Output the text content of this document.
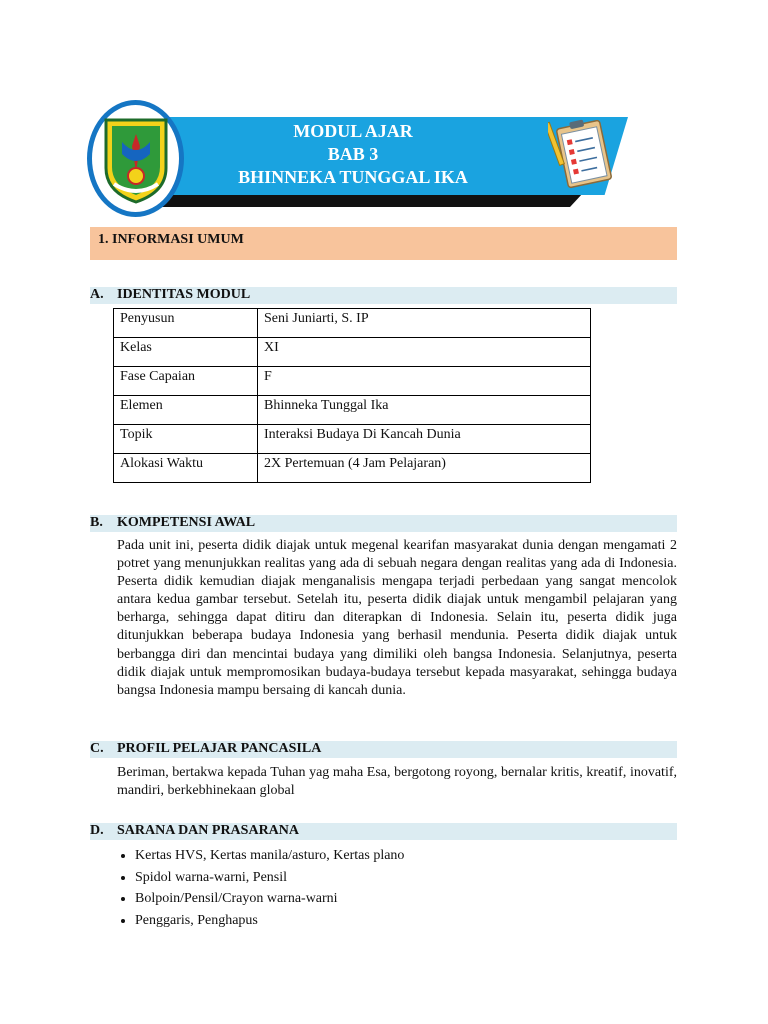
MODUL AJAR
BAB 3
BHINNEKA TUNGGAL IKA
1. INFORMASI UMUM
A. IDENTITAS MODUL
Penyusun	Seni Juniarti, S. IP
Kelas	XI
Fase Capaian	F
Elemen	Bhinneka Tunggal Ika
Topik	Interaksi Budaya Di Kancah Dunia
Alokasi Waktu	2X Pertemuan (4 Jam Pelajaran)
B. KOMPETENSI AWAL
Pada unit ini, peserta didik diajak untuk megenal kearifan masyarakat dunia dengan mengamati 2 potret yang menunjukkan realitas yang ada di sebuah negara dengan realitas yang ada di Indonesia. Peserta didik kemudian diajak menganalisis mengapa terjadi perbedaan yang sangat mencolok antara kedua gambar tersebut. Setelah itu, peserta didik diajak untuk mengambil pelajaran yang berharga, sehingga dapat ditiru dan diterapkan di Indonesia. Selain itu, peserta didik juga ditunjukkan beberapa budaya Indonesia yang berhasil mendunia. Peserta didik diajak untuk berbangga diri dan mencintai budaya yang dimiliki oleh bangsa Indonesia. Selanjutnya, peserta didik diajak untuk mempromosikan budaya-budaya tersebut kepada masyarakat, sehingga budaya bangsa Indonesia mampu bersaing di kancah dunia.
C. PROFIL PELAJAR PANCASILA
Beriman, bertakwa kepada Tuhan yag maha Esa, bergotong royong, bernalar kritis, kreatif, inovatif, mandiri, berkebhinekaan global
D. SARANA DAN PRASARANA
• Kertas HVS, Kertas manila/asturo, Kertas plano
• Spidol warna-warni, Pensil
• Bolpoin/Pensil/Crayon warna-warni
• Penggaris, Penghapus
